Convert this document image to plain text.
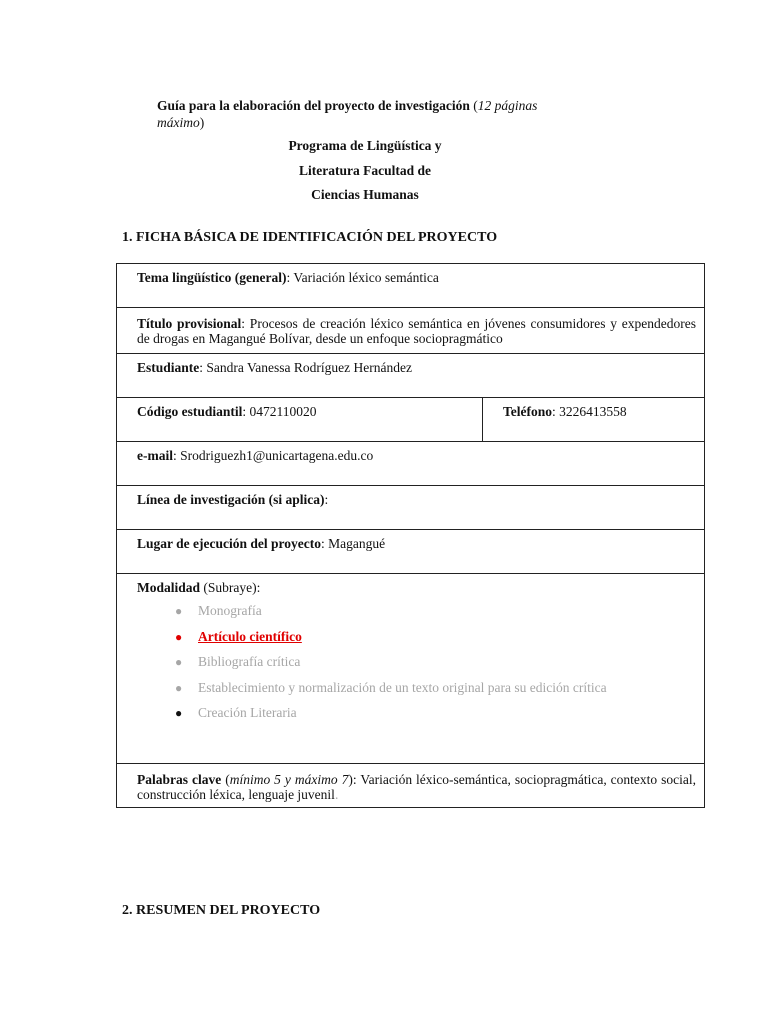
Guía para la elaboración del proyecto de investigación (12 páginas máximo)
Programa de Lingüística y
Literatura Facultad de
Ciencias Humanas
1. FICHA BÁSICA DE IDENTIFICACIÓN DEL PROYECTO
Tema lingüístico (general): Variación léxico semántica
Título provisional: Procesos de creación léxico semántica en jóvenes consumidores y expendedores de drogas en Magangué Bolívar, desde un enfoque sociopragmático
Estudiante: Sandra Vanessa Rodríguez Hernández
Código estudiantil: 0472110020	Teléfono: 3226413558
e-mail: Srodriguezh1@unicartagena.edu.co
Línea de investigación (si aplica):
Lugar de ejecución del proyecto: Magangué
Modalidad (Subraye):
● Monografía
● Artículo científico
● Bibliografía crítica
● Establecimiento y normalización de un texto original para su edición crítica
● Creación Literaria

Palabras clave (mínimo 5 y máximo 7): Variación léxico-semántica, sociopragmática, contexto social, construcción léxica, lenguaje juvenil.
2. RESUMEN DEL PROYECTO
